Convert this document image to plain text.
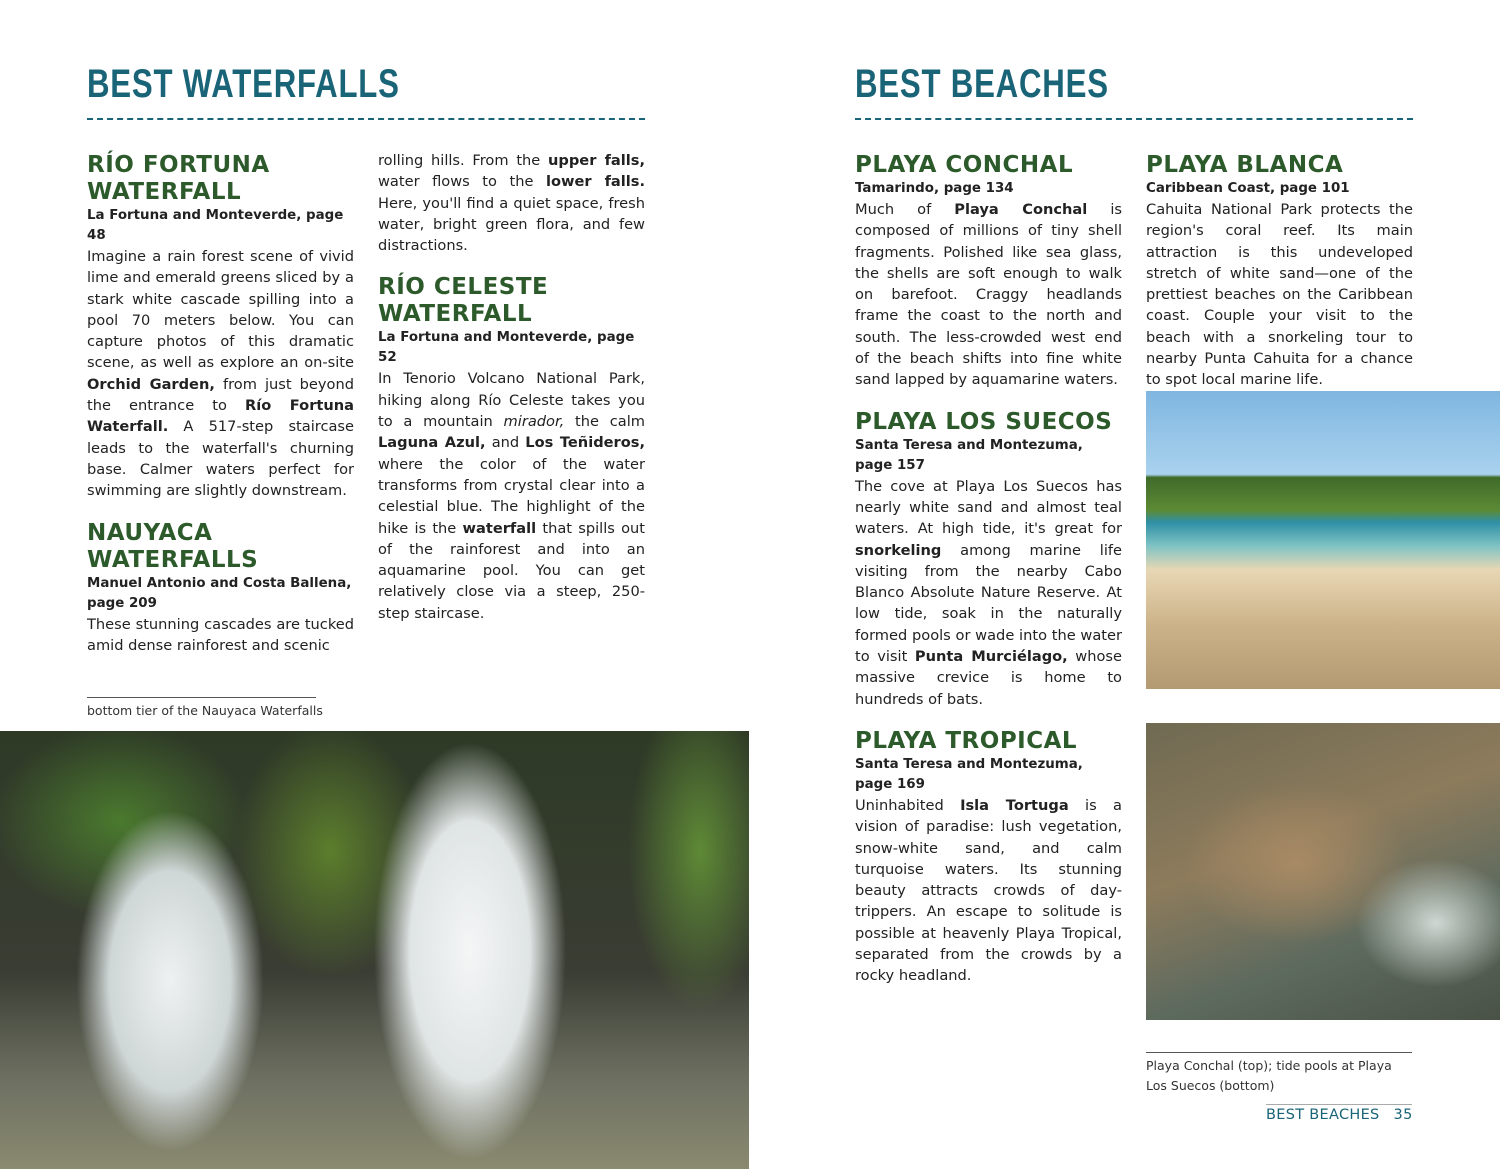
BEST WATERFALLS
RÍO FORTUNA WATERFALL
La Fortuna and Monteverde, page 48

Imagine a rain forest scene of vivid lime and emerald greens sliced by a stark white cascade spilling into a pool 70 meters below. You can capture photos of this dramatic scene, as well as explore an on-site Orchid Garden, from just beyond the entrance to Río Fortuna Waterfall. A 517-step staircase leads to the waterfall's churning base. Calmer waters perfect for swimming are slightly downstream.

NAUYACA WATERFALLS
Manuel Antonio and Costa Ballena, page 209

These stunning cascades are tucked amid dense rainforest and scenic

rolling hills. From the upper falls, water flows to the lower falls. Here, you'll find a quiet space, fresh water, bright green flora, and few distractions.

RÍO CELESTE WATERFALL
La Fortuna and Monteverde, page 52

In Tenorio Volcano National Park, hiking along Río Celeste takes you to a mountain mirador, the calm Laguna Azul, and Los Teñideros, where the color of the water transforms from crystal clear into a celestial blue. The highlight of the hike is the waterfall that spills out of the rainforest and into an aquamarine pool. You can get relatively close via a steep, 250-step staircase.

bottom tier of the Nauyaca Waterfalls
BEST BEACHES
PLAYA CONCHAL
Tamarindo, page 134

Much of Playa Conchal is composed of millions of tiny shell fragments. Polished like sea glass, the shells are soft enough to walk on barefoot. Craggy headlands frame the coast to the north and south. The less-crowded west end of the beach shifts into fine white sand lapped by aquamarine waters.

PLAYA LOS SUECOS
Santa Teresa and Montezuma, page 157

The cove at Playa Los Suecos has nearly white sand and almost teal waters. At high tide, it's great for snorkeling among marine life visiting from the nearby Cabo Blanco Absolute Nature Reserve. At low tide, soak in the naturally formed pools or wade into the water to visit Punta Murciélago, whose massive crevice is home to hundreds of bats.

PLAYA TROPICAL
Santa Teresa and Montezuma, page 169

Uninhabited Isla Tortuga is a vision of paradise: lush vegetation, snow-white sand, and calm turquoise waters. Its stunning beauty attracts crowds of day-trippers. An escape to solitude is possible at heavenly Playa Tropical, separated from the crowds by a rocky headland.

PLAYA BLANCA
Caribbean Coast, page 101

Cahuita National Park protects the region's coral reef. Its main attraction is this undeveloped stretch of white sand—one of the prettiest beaches on the Caribbean coast. Couple your visit to the beach with a snorkeling tour to nearby Punta Cahuita for a chance to spot local marine life.

Playa Conchal (top); tide pools at Playa Los Suecos (bottom)
BEST BEACHES 35
